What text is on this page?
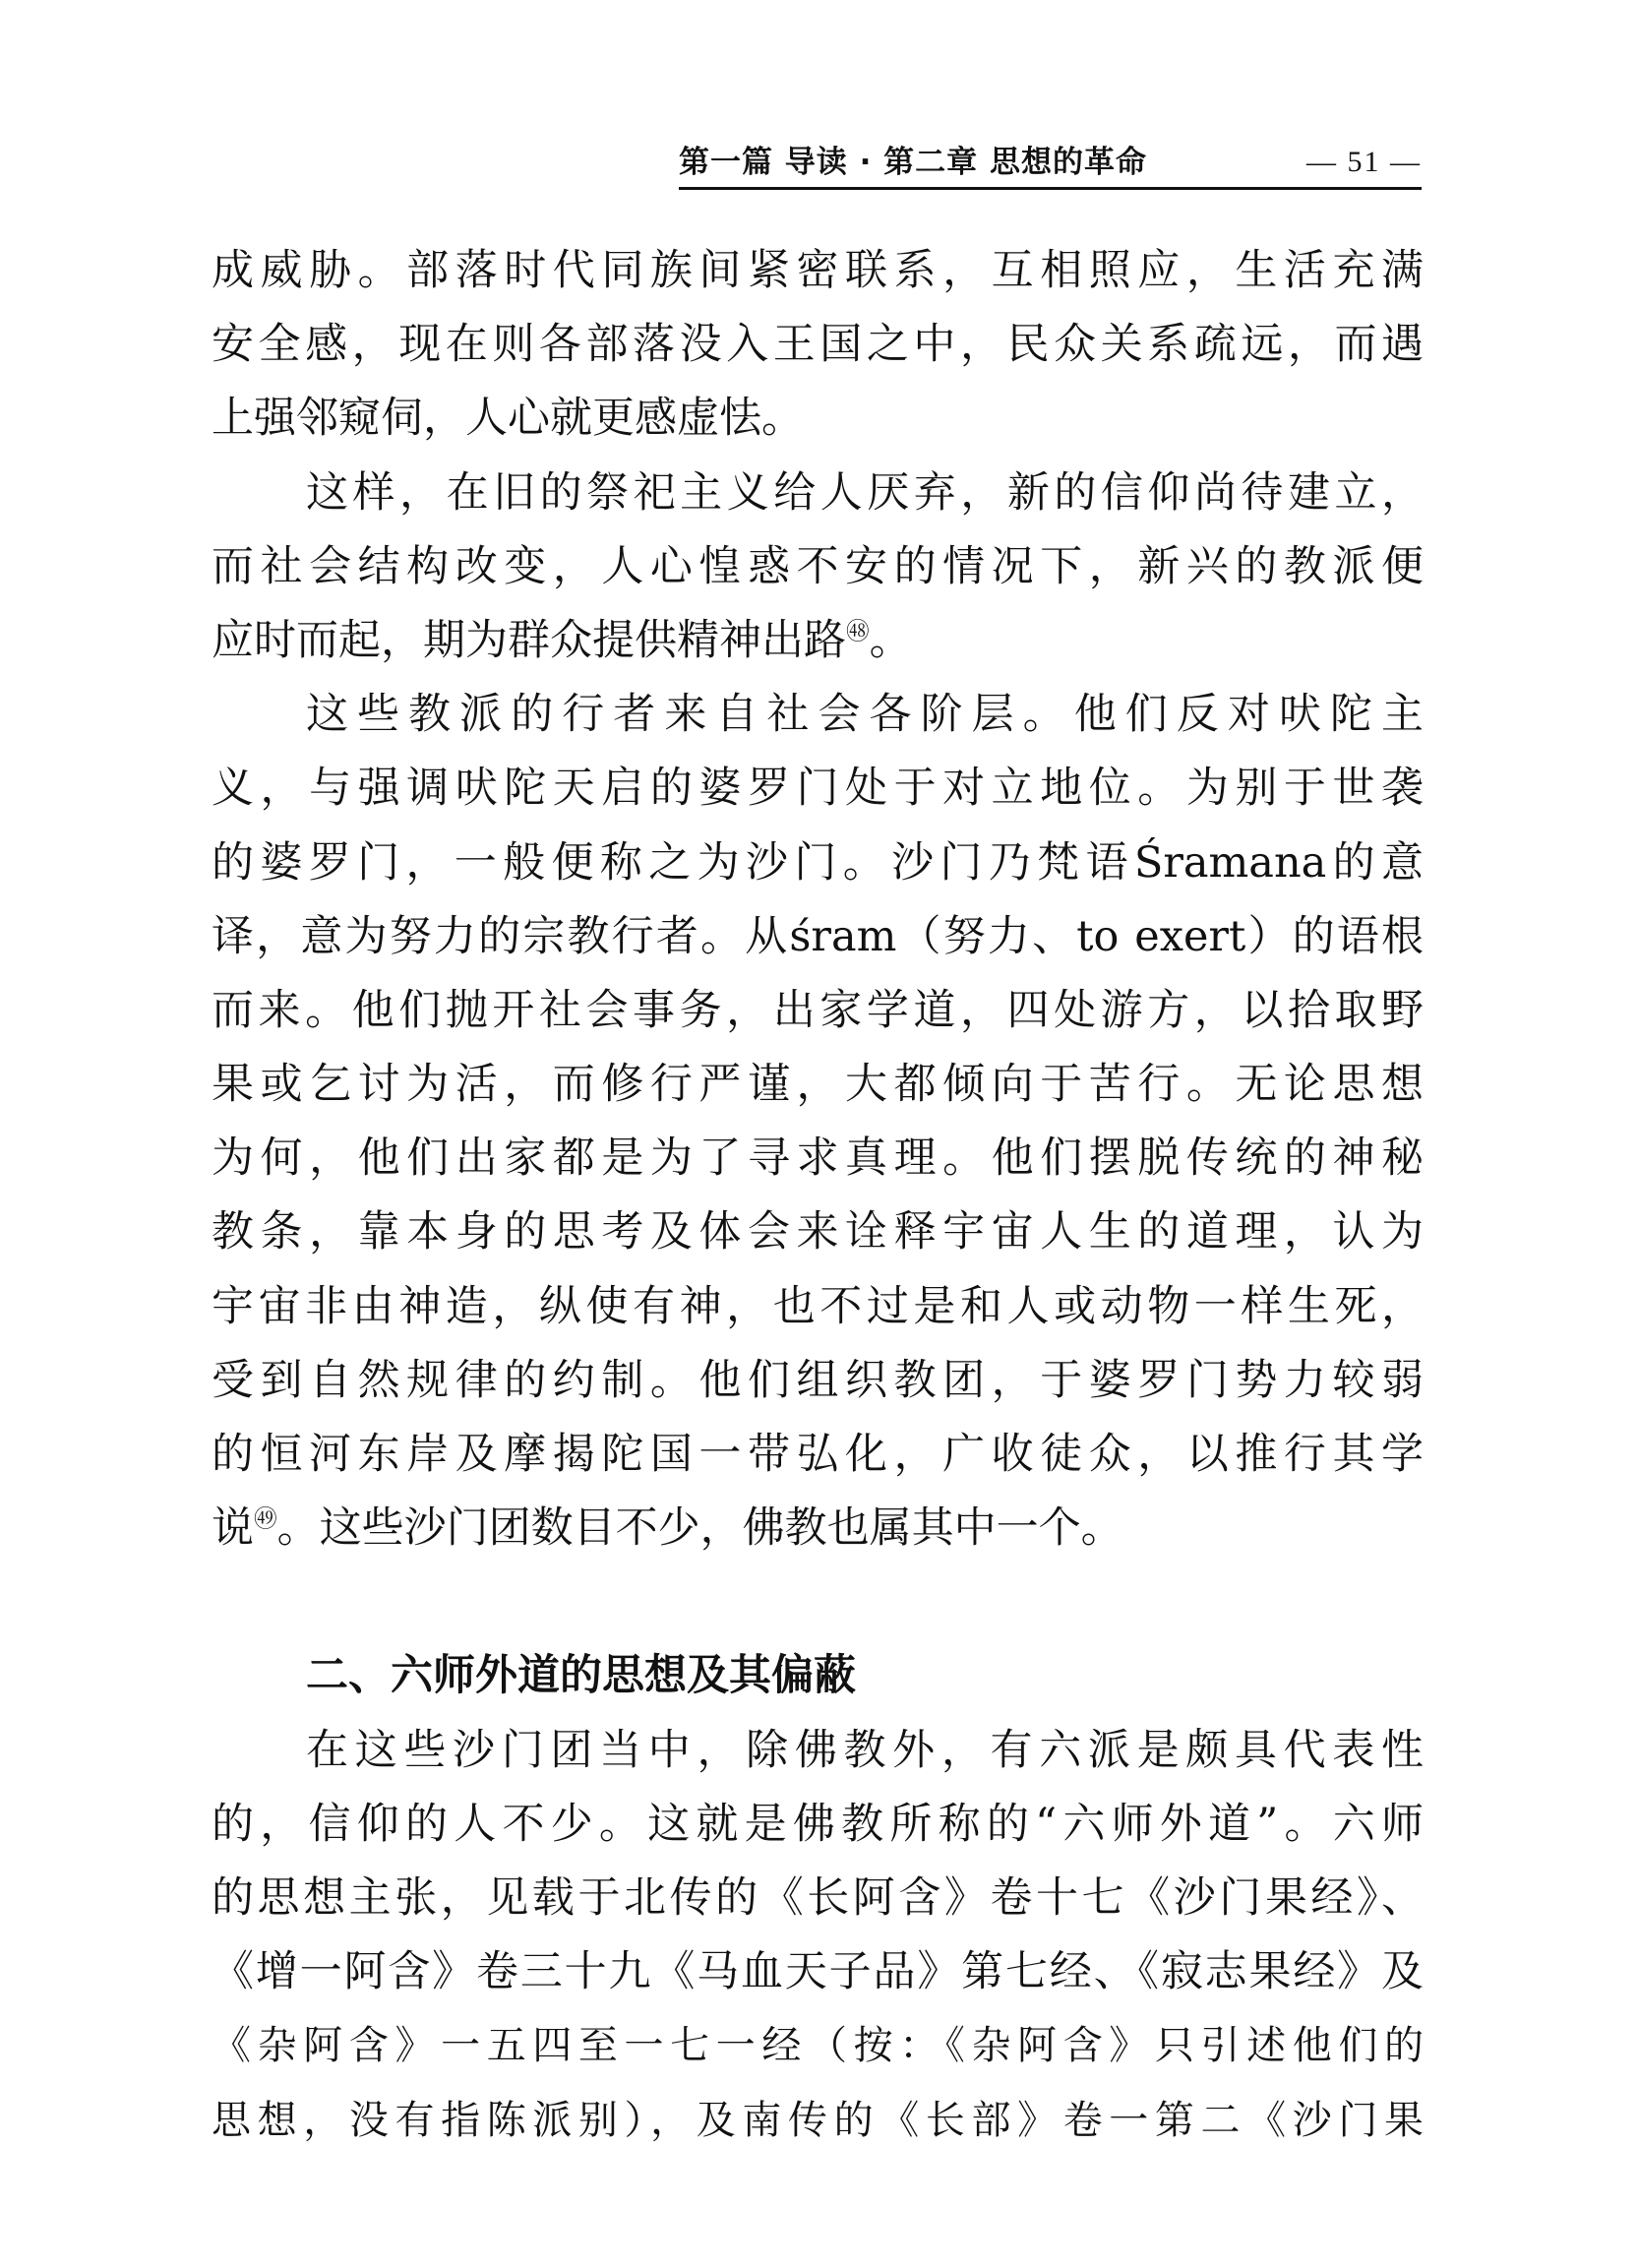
第一篇 导读 · 第二章 思想的革命	— 51 —
成威胁。部落时代同族间紧密联系，互相照应，生活充满
安全感，现在则各部落没入王国之中，民众关系疏远，而遇
上强邻窥伺，人心就更感虚怯。
这样，在旧的祭祀主义给人厌弃，新的信仰尚待建立，
而社会结构改变，人心惶惑不安的情况下，新兴的教派便
应时而起，期为群众提供精神出路$^㊽$。
这些教派的行者来自社会各阶层。他们反对吠陀主
义，与强调吠陀天启的婆罗门处于对立地位。为别于世袭
的婆罗门，一般便称之为沙门。沙门乃梵语Śramana的意
译，意为努力的宗教行者。从śram（努力、to exert）的语根
而来。他们抛开社会事务，出家学道，四处游方，以拾取野
果或乞讨为活，而修行严谨，大都倾向于苦行。无论思想
为何，他们出家都是为了寻求真理。他们摆脱传统的神秘
教条，靠本身的思考及体会来诠释宇宙人生的道理，认为
宇宙非由神造，纵使有神，也不过是和人或动物一样生死，
受到自然规律的约制。他们组织教团，于婆罗门势力较弱
的恒河东岸及摩揭陀国一带弘化，广收徒众，以推行其学
说$^㊾$。这些沙门团数目不少，佛教也属其中一个。
二、六师外道的思想及其偏蔽
在这些沙门团当中，除佛教外，有六派是颇具代表性
的，信仰的人不少。这就是佛教所称的“六师外道”。六师
的思想主张，见载于北传的《长阿含》卷十七《沙门果经》、
《增一阿含》卷三十九《马血天子品》第七经、《寂志果经》及
《杂阿含》一五四至一七一经（按：《杂阿含》只引述他们的
思想，没有指陈派别），及南传的《长部》卷一第二《沙门果
